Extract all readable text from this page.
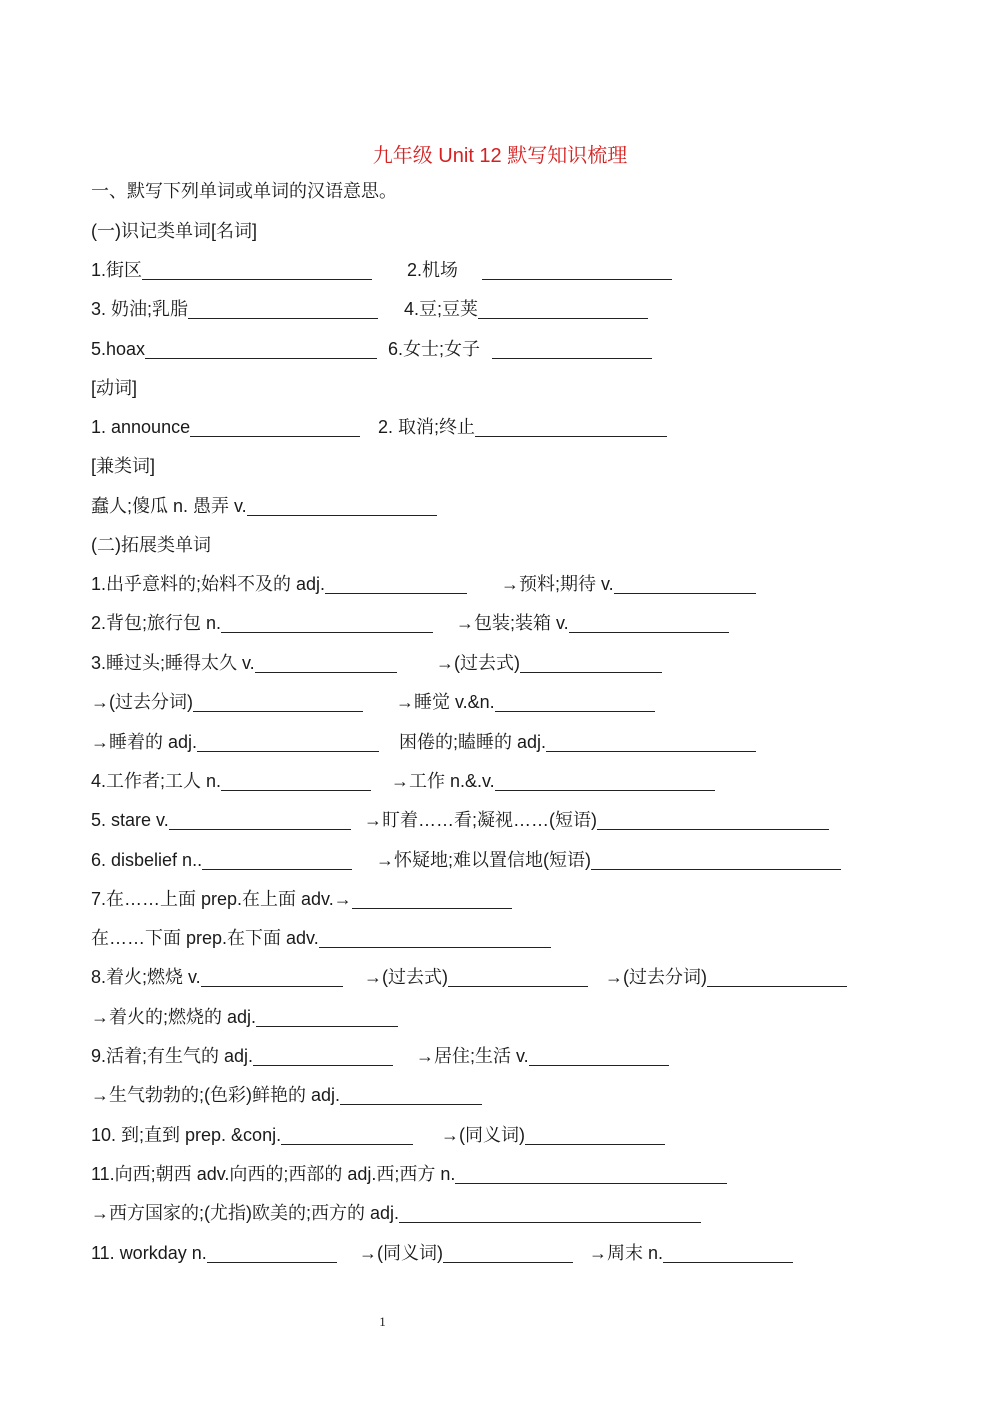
九年级 Unit 12 默写知识梳理
一、默写下列单词或单词的汉语意思。
(一)识记类单词[名词]
1.街区	2.机场
3. 奶油;乳脂	4.豆;豆荚
5.hoax	6.女士;女子
[动词]
1. announce	2. 取消;终止
[兼类词]
蠢人;傻瓜 n. 愚弄 v.
(二)拓展类单词
1.出乎意料的;始料不及的 adj.	→预料;期待 v.
2.背包;旅行包 n.	→包装;装箱 v.
3.睡过头;睡得太久 v.	→(过去式)
→(过去分词)	→睡觉 v.&n.
→睡着的 adj.	困倦的;瞌睡的 adj.
4.工作者;工人 n.	→工作 n.&.v.
5. stare v.	→盯着……看;凝视……(短语)
6. disbelief n..	→怀疑地;难以置信地(短语)
7.在……上面 prep.在上面 adv.→
在……下面 prep.在下面 adv.
8.着火;燃烧 v.	→(过去式)	→(过去分词)
→着火的;燃烧的 adj.
9.活着;有生气的 adj.	→居住;生活 v.
→生气勃勃的;(色彩)鲜艳的 adj.
10. 到;直到 prep. &conj.	→(同义词)
11.向西;朝西 adv.向西的;西部的 adj.西;西方 n.
→西方国家的;(尤指)欧美的;西方的 adj.
11. workday n.	→(同义词)	→周末 n.
1
